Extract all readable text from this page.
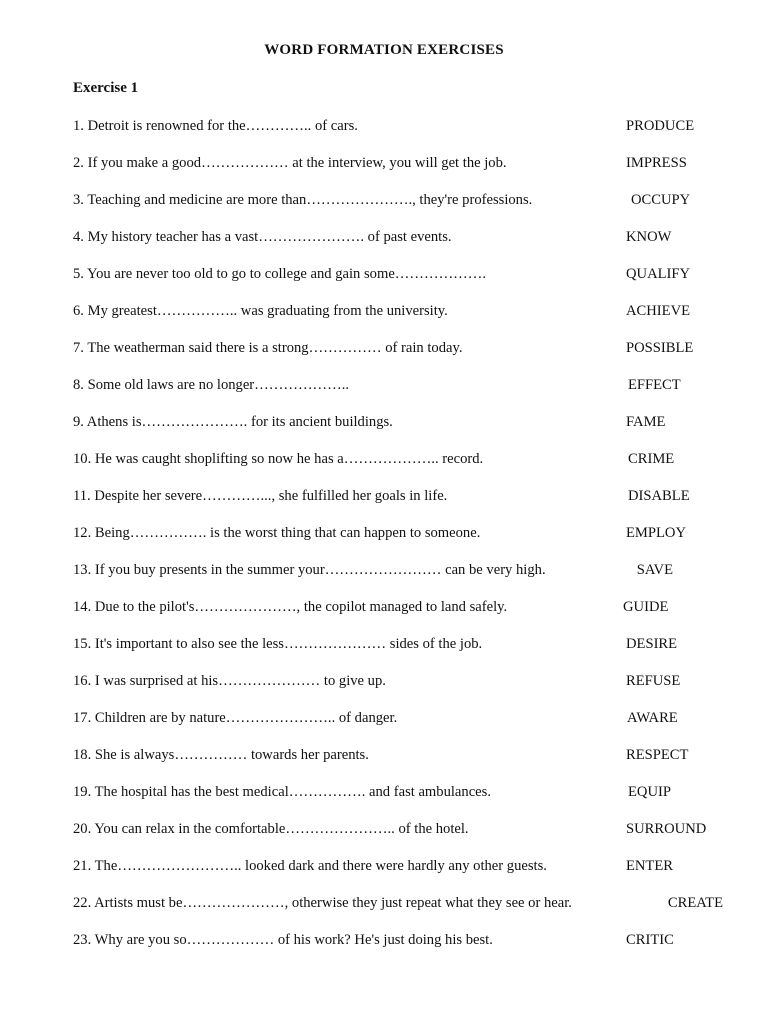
WORD FORMATION EXERCISES
Exercise 1
1. Detroit is renowned for the………….. of cars.	PRODUCE
2. If you make a good……………… at the interview, you will get the job.	IMPRESS
3. Teaching and medicine are more than…………………., they're professions.	OCCUPY
4. My history teacher has a vast…………………. of past events.	KNOW
5. You are never too old to go to college and gain some……………….	QUALIFY
6. My greatest…………….. was graduating from the university.	ACHIEVE
7. The weatherman said there is a strong…………… of rain today.	POSSIBLE
8. Some old laws are no longer………………..	EFFECT
9. Athens is…………………. for its ancient buildings.	FAME
10. He was caught shoplifting so now he has a……………….. record.	CRIME
11. Despite her severe…………..., she fulfilled her goals in life.	DISABLE
12. Being……………. is the worst thing that can happen to someone.	EMPLOY
13. If you buy presents in the summer your…………………… can be very high.	SAVE
14. Due to the pilot's…………………, the copilot managed to land safely.	GUIDE
15. It's important to also see the less………………… sides of the job.	DESIRE
16. I was surprised at his………………… to give up.	REFUSE
17. Children are by nature………………….. of danger.	AWARE
18. She is always…………… towards her parents.	RESPECT
19. The hospital has the best medical……………. and fast ambulances.	EQUIP
20. You can relax in the comfortable………………….. of the hotel.	SURROUND
21. The…………………….. looked dark and there were hardly any other guests.	ENTER
22. Artists must be…………………, otherwise they just repeat what they see or hear.	CREATE
23. Why are you so……………… of his work? He's just doing his best.	CRITIC
